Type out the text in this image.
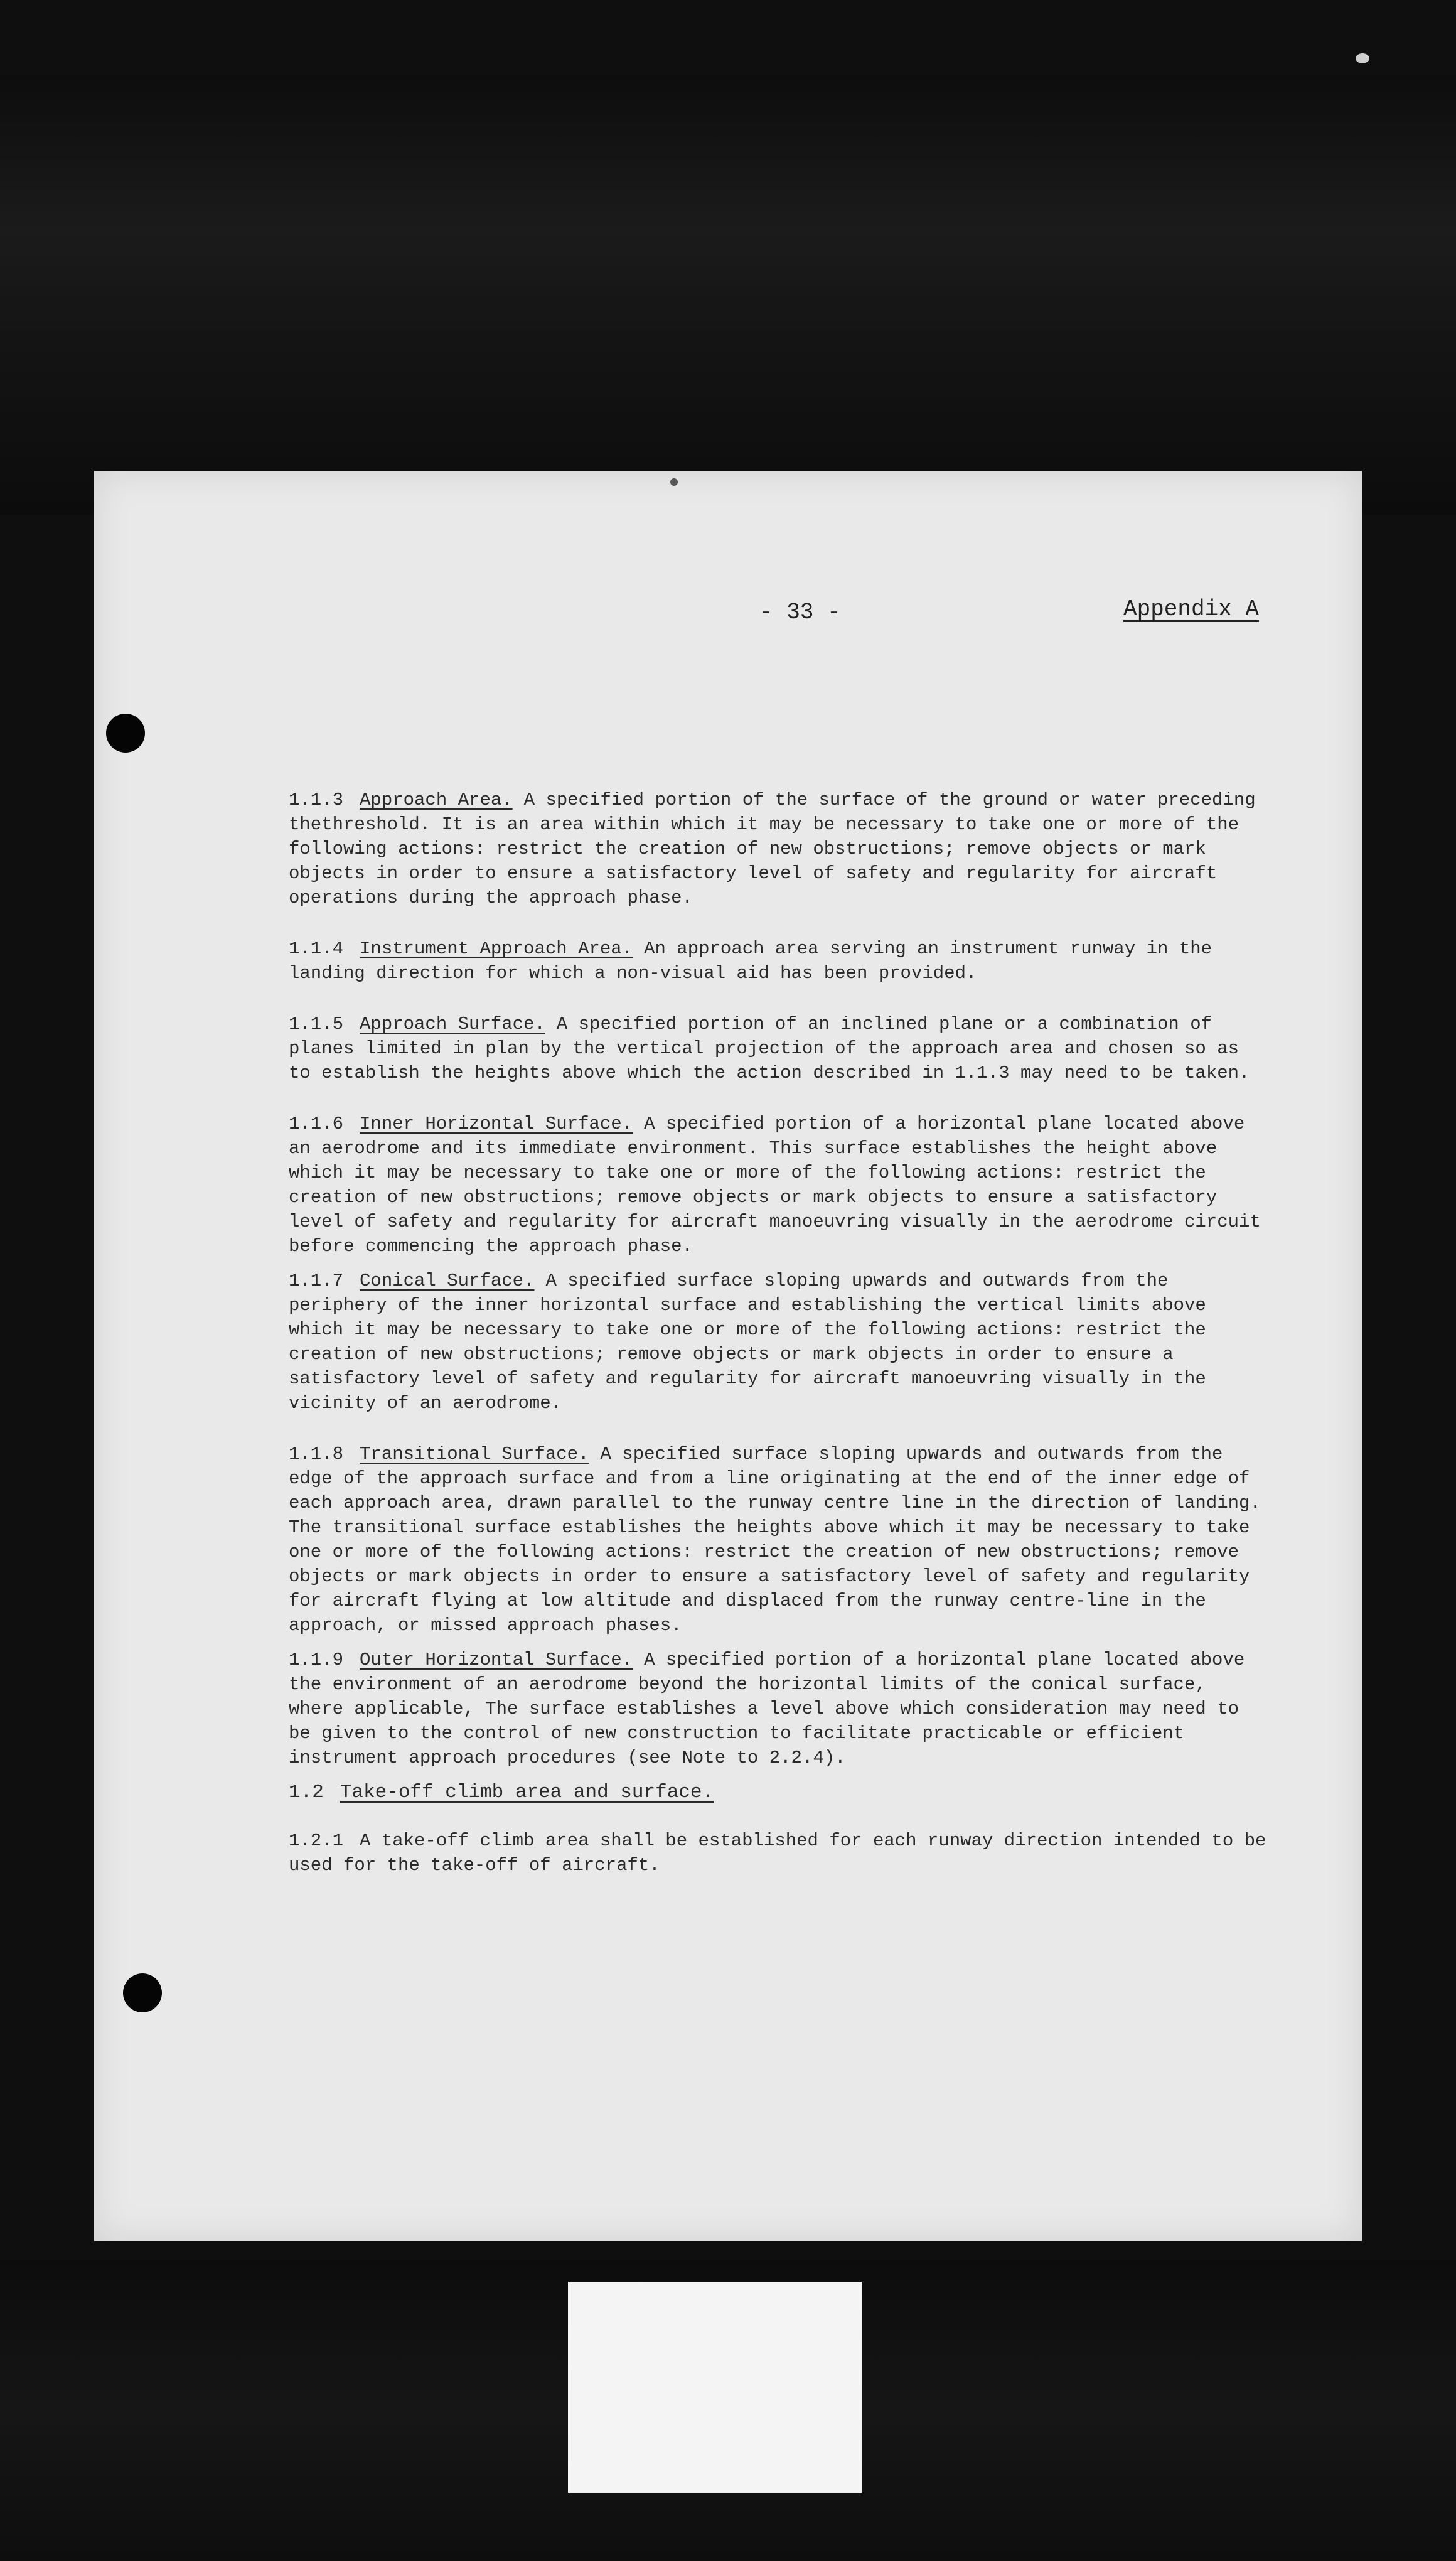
- 33 -	Appendix A

1.1.3 Approach Area. A specified portion of the surface of the ground or water preceding thethreshold. It is an area within which it may be necessary to take one or more of the following actions: restrict the creation of new obstructions; remove objects or mark objects in order to ensure a satisfactory level of safety and regularity for aircraft operations during the approach phase.

1.1.4 Instrument Approach Area. An approach area serving an instrument runway in the landing direction for which a non-visual aid has been provided.

1.1.5 Approach Surface. A specified portion of an inclined plane or a combination of planes limited in plan by the vertical projection of the approach area and chosen so as to establish the heights above which the action described in 1.1.3 may need to be taken.

1.1.6 Inner Horizontal Surface. A specified portion of a horizontal plane located above an aerodrome and its immediate environment. This surface establishes the height above which it may be necessary to take one or more of the following actions: restrict the creation of new obstructions; remove objects or mark objects to ensure a satisfactory level of safety and regularity for aircraft manoeuvring visually in the aerodrome circuit before commencing the approach phase.

1.1.7 Conical Surface. A specified surface sloping upwards and outwards from the periphery of the inner horizontal surface and establishing the vertical limits above which it may be necessary to take one or more of the following actions: restrict the creation of new obstructions; remove objects or mark objects in order to ensure a satisfactory level of safety and regularity for aircraft manoeuvring visually in the vicinity of an aerodrome.

1.1.8 Transitional Surface. A specified surface sloping upwards and outwards from the edge of the approach surface and from a line originating at the end of the inner edge of each approach area, drawn parallel to the runway centre line in the direction of landing. The transitional surface establishes the heights above which it may be necessary to take one or more of the following actions: restrict the creation of new obstructions; remove objects or mark objects in order to ensure a satisfactory level of safety and regularity for aircraft flying at low altitude and displaced from the runway centre-line in the approach, or missed approach phases.

1.1.9 Outer Horizontal Surface. A specified portion of a horizontal plane located above the environment of an aerodrome beyond the horizontal limits of the conical surface, where applicable, The surface establishes a level above which consideration may need to be given to the control of new construction to facilitate practicable or efficient instrument approach procedures (see Note to 2.2.4).

1.2 Take-off climb area and surface.

1.2.1 A take-off climb area shall be established for each runway direction intended to be used for the take-off of aircraft.
